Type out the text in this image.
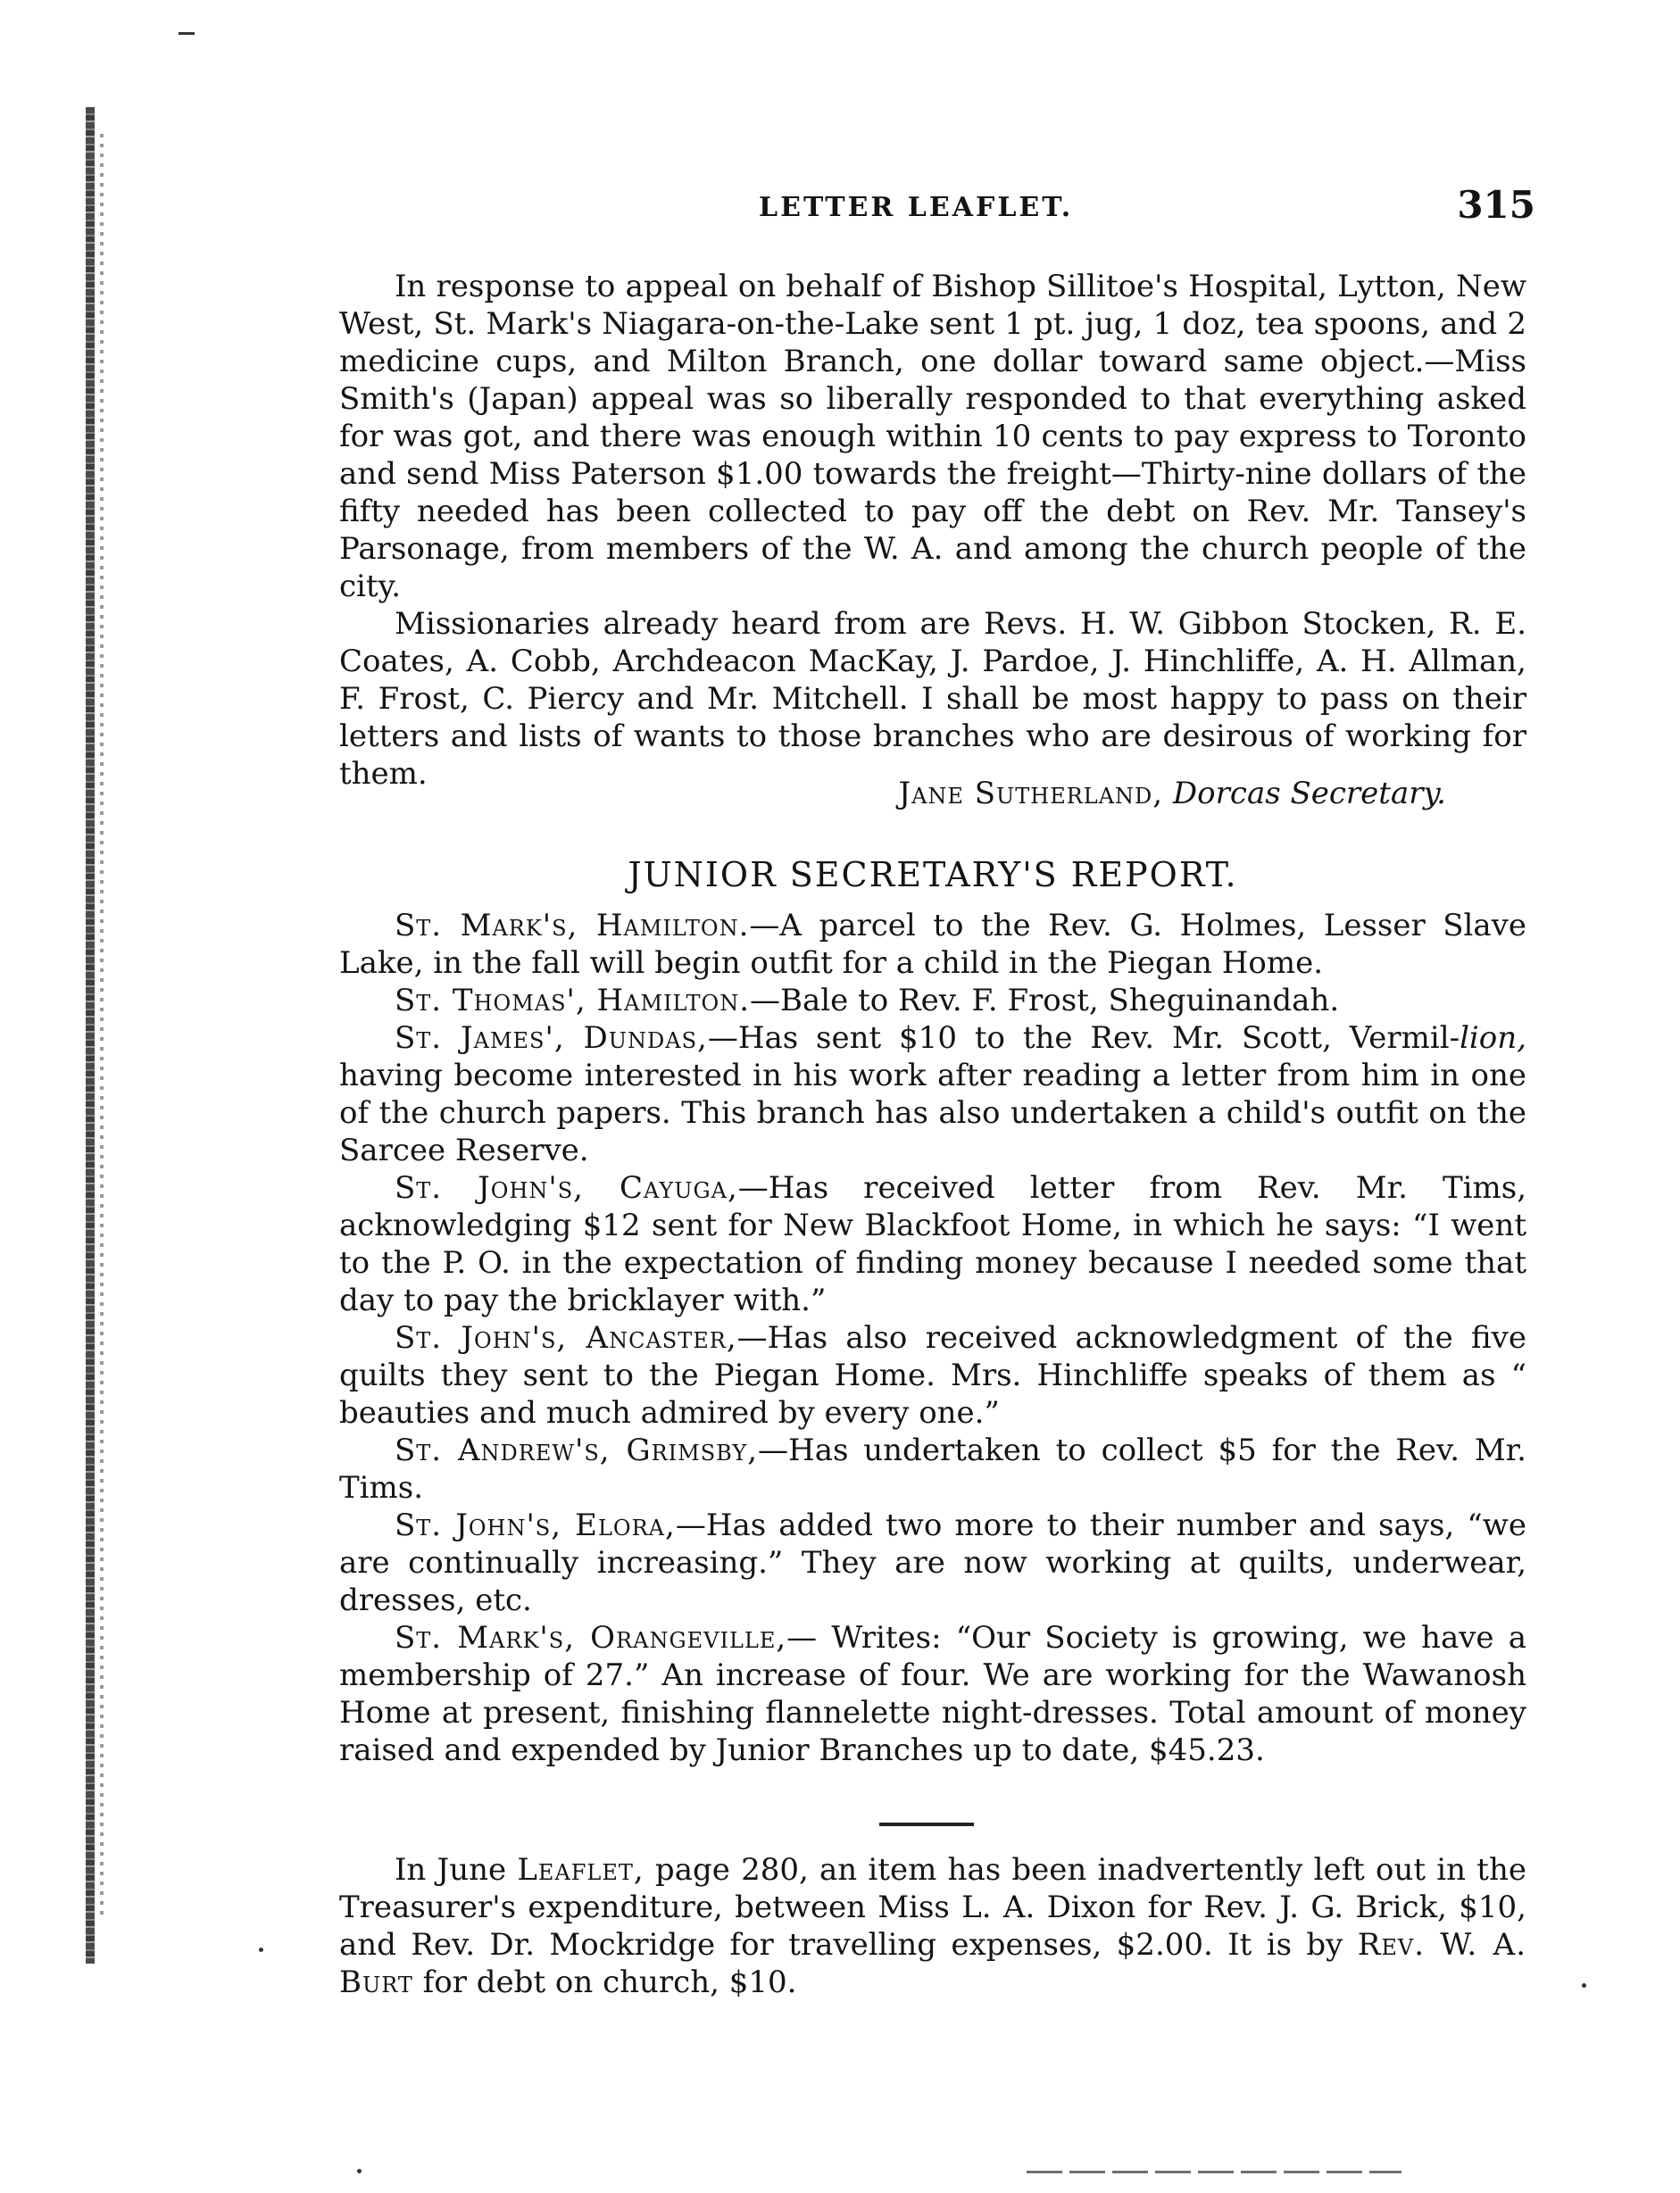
LETTER LEAFLET.	315

In response to appeal on behalf of Bishop Sillitoe's Hospital, Lytton, New West, St. Mark's Niagara-on-the-Lake sent 1 pt. jug, 1 doz, tea spoons, and 2 medicine cups, and Milton Branch, one dollar toward same object.—Miss Smith's (Japan) appeal was so liberally responded to that everything asked for was got, and there was enough within 10 cents to pay express to Toronto and send Miss Paterson $1.00 towards the freight—Thirty-nine dollars of the fifty needed has been collected to pay off the debt on Rev. Mr. Tansey's Parsonage, from members of the W. A. and among the church people of the city.

Missionaries already heard from are Revs. H. W. Gibbon Stocken, R. E. Coates, A. Cobb, Archdeacon MacKay, J. Pardoe, J. Hinchliffe, A. H. Allman, F. Frost, C. Piercy and Mr. Mitchell. I shall be most happy to pass on their letters and lists of wants to those branches who are desirous of working for them.

Jane Sutherland, Dorcas Secretary.
JUNIOR SECRETARY'S REPORT.

St. Mark's, Hamilton.—A parcel to the Rev. G. Holmes, Lesser Slave Lake, in the fall will begin outfit for a child in the Piegan Home.

St. Thomas', Hamilton.—Bale to Rev. F. Frost, Sheguinandah.

St. James', Dundas,—Has sent $10 to the Rev. Mr. Scott, Vermil-lion, having become interested in his work after reading a letter from him in one of the church papers. This branch has also undertaken a child's outfit on the Sarcee Reserve.

St. John's, Cayuga,—Has received letter from Rev. Mr. Tims, acknowledging $12 sent for New Blackfoot Home, in which he says: “I went to the P. O. in the expectation of finding money because I needed some that day to pay the bricklayer with.”

St. John's, Ancaster,—Has also received acknowledgment of the five quilts they sent to the Piegan Home. Mrs. Hinchliffe speaks of them as “ beauties and much admired by every one.”

St. Andrew's, Grimsby,—Has undertaken to collect $5 for the Rev. Mr. Tims.

St. John's, Elora,—Has added two more to their number and says, “we are continually increasing.” They are now working at quilts, underwear, dresses, etc.

St. Mark's, Orangeville,— Writes: “Our Society is growing, we have a membership of 27.” An increase of four. We are working for the Wawanosh Home at present, finishing flannelette night-dresses. Total amount of money raised and expended by Junior Branches up to date, $45.23.

In June Leaflet, page 280, an item has been inadvertently left out in the Treasurer's expenditure, between Miss L. A. Dixon for Rev. J. G. Brick, $10, and Rev. Dr. Mockridge for travelling expenses, $2.00. It is by Rev. W. A. Burt for debt on church, $10.
